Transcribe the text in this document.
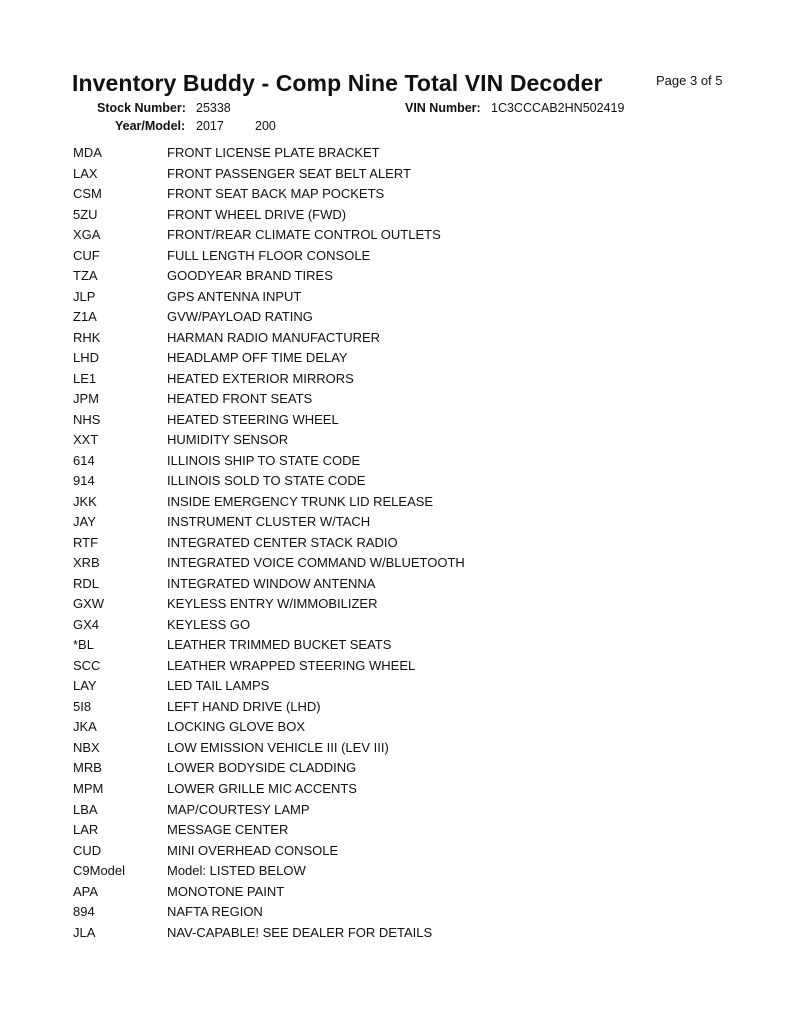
Inventory Buddy - Comp Nine Total VIN Decoder	Page 3 of 5
Stock Number: 25338	VIN Number: 1C3CCCAB2HN502419
Year/Model: 2017 200
MDA	FRONT LICENSE PLATE BRACKET
LAX	FRONT PASSENGER SEAT BELT ALERT
CSM	FRONT SEAT BACK MAP POCKETS
5ZU	FRONT WHEEL DRIVE (FWD)
XGA	FRONT/REAR CLIMATE CONTROL OUTLETS
CUF	FULL LENGTH FLOOR CONSOLE
TZA	GOODYEAR BRAND TIRES
JLP	GPS ANTENNA INPUT
Z1A	GVW/PAYLOAD RATING
RHK	HARMAN RADIO MANUFACTURER
LHD	HEADLAMP OFF TIME DELAY
LE1	HEATED EXTERIOR MIRRORS
JPM	HEATED FRONT SEATS
NHS	HEATED STEERING WHEEL
XXT	HUMIDITY SENSOR
614	ILLINOIS SHIP TO STATE CODE
914	ILLINOIS SOLD TO STATE CODE
JKK	INSIDE EMERGENCY TRUNK LID RELEASE
JAY	INSTRUMENT CLUSTER W/TACH
RTF	INTEGRATED CENTER STACK RADIO
XRB	INTEGRATED VOICE COMMAND W/BLUETOOTH
RDL	INTEGRATED WINDOW ANTENNA
GXW	KEYLESS ENTRY W/IMMOBILIZER
GX4	KEYLESS GO
*BL	LEATHER TRIMMED BUCKET SEATS
SCC	LEATHER WRAPPED STEERING WHEEL
LAY	LED TAIL LAMPS
5I8	LEFT HAND DRIVE (LHD)
JKA	LOCKING GLOVE BOX
NBX	LOW EMISSION VEHICLE III (LEV III)
MRB	LOWER BODYSIDE CLADDING
MPM	LOWER GRILLE MIC ACCENTS
LBA	MAP/COURTESY LAMP
LAR	MESSAGE CENTER
CUD	MINI OVERHEAD CONSOLE
C9Model	Model: LISTED BELOW
APA	MONOTONE PAINT
894	NAFTA REGION
JLA	NAV-CAPABLE! SEE DEALER FOR DETAILS
